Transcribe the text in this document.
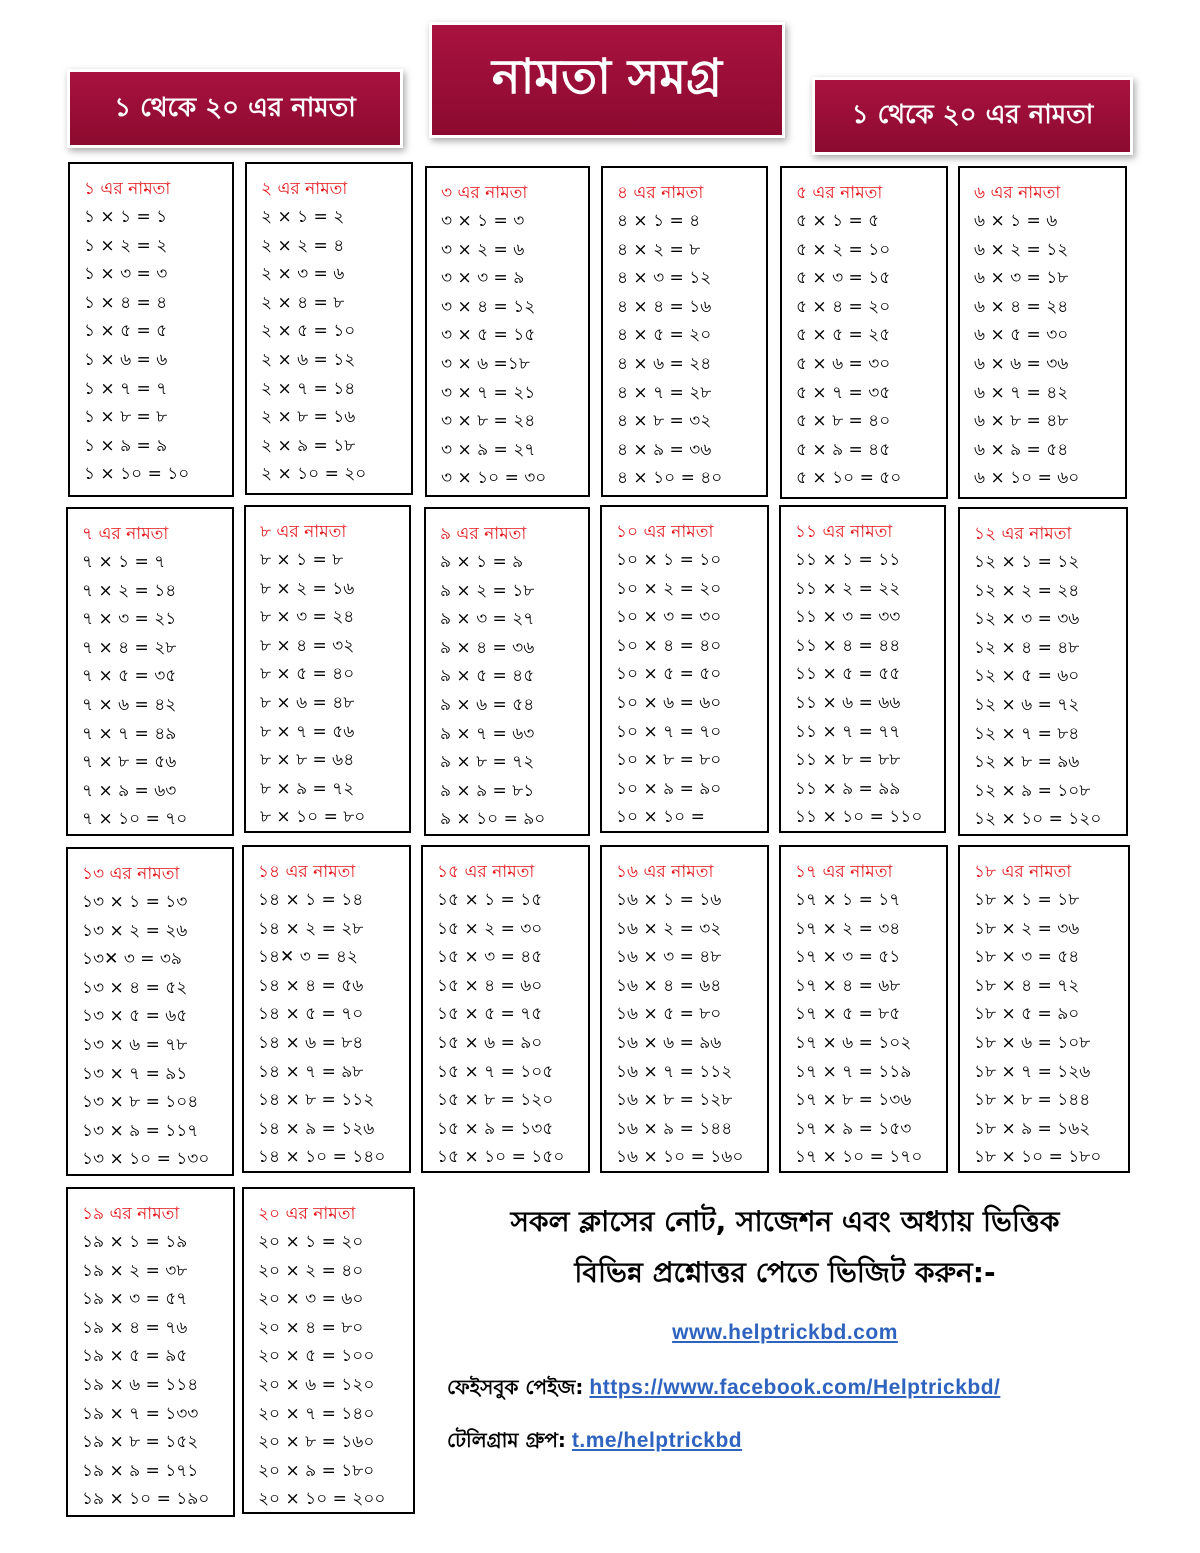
১ থেকে ২০ এর নামতা
নামতা সমগ্র
১ থেকে ২০ এর নামতা
১ এর নামতা
১ × ১ = ১
১ × ২ = ২
১ × ৩ = ৩
১ × ৪ = ৪
১ × ৫ = ৫
১ × ৬ = ৬
১ × ৭ = ৭
১ × ৮ = ৮
১ × ৯ = ৯
১ × ১০ = ১০
২ এর নামতা
২ × ১ = ২
২ × ২ = ৪
২ × ৩ = ৬
২ × ৪ = ৮
২ × ৫ = ১০
২ × ৬ = ১২
২ × ৭ = ১৪
২ × ৮ = ১৬
২ × ৯ = ১৮
২ × ১০ = ২০
৩ এর নামতা
৩ × ১ = ৩
৩ × ২ = ৬
৩ × ৩ = ৯
৩ × ৪ = ১২
৩ × ৫ = ১৫
৩ × ৬ =১৮
৩ × ৭ = ২১
৩ × ৮ = ২৪
৩ × ৯ = ২৭
৩ × ১০ = ৩০
৪ এর নামতা
৪ × ১ = ৪
৪ × ২ = ৮
৪ × ৩ = ১২
৪ × ৪ = ১৬
৪ × ৫ = ২০
৪ × ৬ = ২৪
৪ × ৭ = ২৮
৪ × ৮ = ৩২
৪ × ৯ = ৩৬
৪ × ১০ = ৪০
৫ এর নামতা
৫ × ১ = ৫
৫ × ২ = ১০
৫ × ৩ = ১৫
৫ × ৪ = ২০
৫ × ৫ = ২৫
৫ × ৬ = ৩০
৫ × ৭ = ৩৫
৫ × ৮ = ৪০
৫ × ৯ = ৪৫
৫ × ১০ = ৫০
৬ এর নামতা
৬ × ১ = ৬
৬ × ২ = ১২
৬ × ৩ = ১৮
৬ × ৪ = ২৪
৬ × ৫ = ৩০
৬ × ৬ = ৩৬
৬ × ৭ = ৪২
৬ × ৮ = ৪৮
৬ × ৯ = ৫৪
৬ × ১০ = ৬০
৭ এর নামতা
৭ × ১ = ৭
৭ × ২ = ১৪
৭ × ৩ = ২১
৭ × ৪ = ২৮
৭ × ৫ = ৩৫
৭ × ৬ = ৪২
৭ × ৭ = ৪৯
৭ × ৮ = ৫৬
৭ × ৯ = ৬৩
৭ × ১০ = ৭০
৮ এর নামতা
৮ × ১ = ৮
৮ × ২ = ১৬
৮ × ৩ = ২৪
৮ × ৪ = ৩২
৮ × ৫ = ৪০
৮ × ৬ = ৪৮
৮ × ৭ = ৫৬
৮ × ৮ = ৬৪
৮ × ৯ = ৭২
৮ × ১০ = ৮০
৯ এর নামতা
৯ × ১ = ৯
৯ × ২ = ১৮
৯ × ৩ = ২৭
৯ × ৪ = ৩৬
৯ × ৫ = ৪৫
৯ × ৬ = ৫৪
৯ × ৭ = ৬৩
৯ × ৮ = ৭২
৯ × ৯ = ৮১
৯ × ১০ = ৯০
১০ এর নামতা
১০ × ১ = ১০
১০ × ২ = ২০
১০ × ৩ = ৩০
১০ × ৪ = ৪০
১০ × ৫ = ৫০
১০ × ৬ = ৬০
১০ × ৭ = ৭০
১০ × ৮ = ৮০
১০ × ৯ = ৯০
১০ × ১০ =
১১ এর নামতা
১১ × ১ = ১১
১১ × ২ = ২২
১১ × ৩ = ৩৩
১১ × ৪ = ৪৪
১১ × ৫ = ৫৫
১১ × ৬ = ৬৬
১১ × ৭ = ৭৭
১১ × ৮ = ৮৮
১১ × ৯ = ৯৯
১১ × ১০ = ১১০
১২ এর নামতা
১২ × ১ = ১২
১২ × ২ = ২৪
১২ × ৩ = ৩৬
১২ × ৪ = ৪৮
১২ × ৫ = ৬০
১২ × ৬ = ৭২
১২ × ৭ = ৮৪
১২ × ৮ = ৯৬
১২ × ৯ = ১০৮
১২ × ১০ = ১২০
১৩ এর নামতা
১৩ × ১ = ১৩
১৩ × ২ = ২৬
১৩✕ ৩ = ৩৯
১৩ × ৪ = ৫২
১৩ × ৫ = ৬৫
১৩ × ৬ = ৭৮
১৩ × ৭ = ৯১
১৩ × ৮ = ১০৪
১৩ × ৯ = ১১৭
১৩ × ১০ = ১৩০
১৪ এর নামতা
১৪ × ১ = ১৪
১৪ × ২ = ২৮
১৪✕ ৩ = ৪২
১৪ × ৪ = ৫৬
১৪ × ৫ = ৭০
১৪ × ৬ = ৮৪
১৪ × ৭ = ৯৮
১৪ × ৮ = ১১২
১৪ × ৯ = ১২৬
১৪ × ১০ = ১৪০
১৫ এর নামতা
১৫ × ১ = ১৫
১৫ × ২ = ৩০
১৫ × ৩ = ৪৫
১৫ × ৪ = ৬০
১৫ × ৫ = ৭৫
১৫ × ৬ = ৯০
১৫ × ৭ = ১০৫
১৫ × ৮ = ১২০
১৫ × ৯ = ১৩৫
১৫ × ১০ = ১৫০
১৬ এর নামতা
১৬ × ১ = ১৬
১৬ × ২ = ৩২
১৬ × ৩ = ৪৮
১৬ × ৪ = ৬৪
১৬ × ৫ = ৮০
১৬ × ৬ = ৯৬
১৬ × ৭ = ১১২
১৬ × ৮ = ১২৮
১৬ × ৯ = ১৪৪
১৬ × ১০ = ১৬০
১৭ এর নামতা
১৭ × ১ = ১৭
১৭ × ২ = ৩৪
১৭ × ৩ = ৫১
১৭ × ৪ = ৬৮
১৭ × ৫ = ৮৫
১৭ × ৬ = ১০২
১৭ × ৭ = ১১৯
১৭ × ৮ = ১৩৬
১৭ × ৯ = ১৫৩
১৭ × ১০ = ১৭০
১৮ এর নামতা
১৮ × ১ = ১৮
১৮ × ২ = ৩৬
১৮ × ৩ = ৫৪
১৮ × ৪ = ৭২
১৮ × ৫ = ৯০
১৮ × ৬ = ১০৮
১৮ × ৭ = ১২৬
১৮ × ৮ = ১৪৪
১৮ × ৯ = ১৬২
১৮ × ১০ = ১৮০
১৯ এর নামতা
১৯ × ১ = ১৯
১৯ × ২ = ৩৮
১৯ × ৩ = ৫৭
১৯ × ৪ = ৭৬
১৯ × ৫ = ৯৫
১৯ × ৬ = ১১৪
১৯ × ৭ = ১৩৩
১৯ × ৮ = ১৫২
১৯ × ৯ = ১৭১
১৯ × ১০ = ১৯০
২০ এর নামতা
২০ × ১ = ২০
২০ × ২ = ৪০
২০ × ৩ = ৬০
২০ × ৪ = ৮০
২০ × ৫ = ১০০
২০ × ৬ = ১২০
২০ × ৭ = ১৪০
২০ × ৮ = ১৬০
২০ × ৯ = ১৮০
২০ × ১০ = ২০০
সকল ক্লাসের নোট, সাজেশন এবং অধ্যায় ভিত্তিক
বিভিন্ন প্রশ্নোত্তর পেতে ভিজিট করুন:-
www.helptrickbd.com
ফেইসবুক পেইজ: https://www.facebook.com/Helptrickbd/
টেলিগ্রাম গ্রুপ: t.me/helptrickbd
